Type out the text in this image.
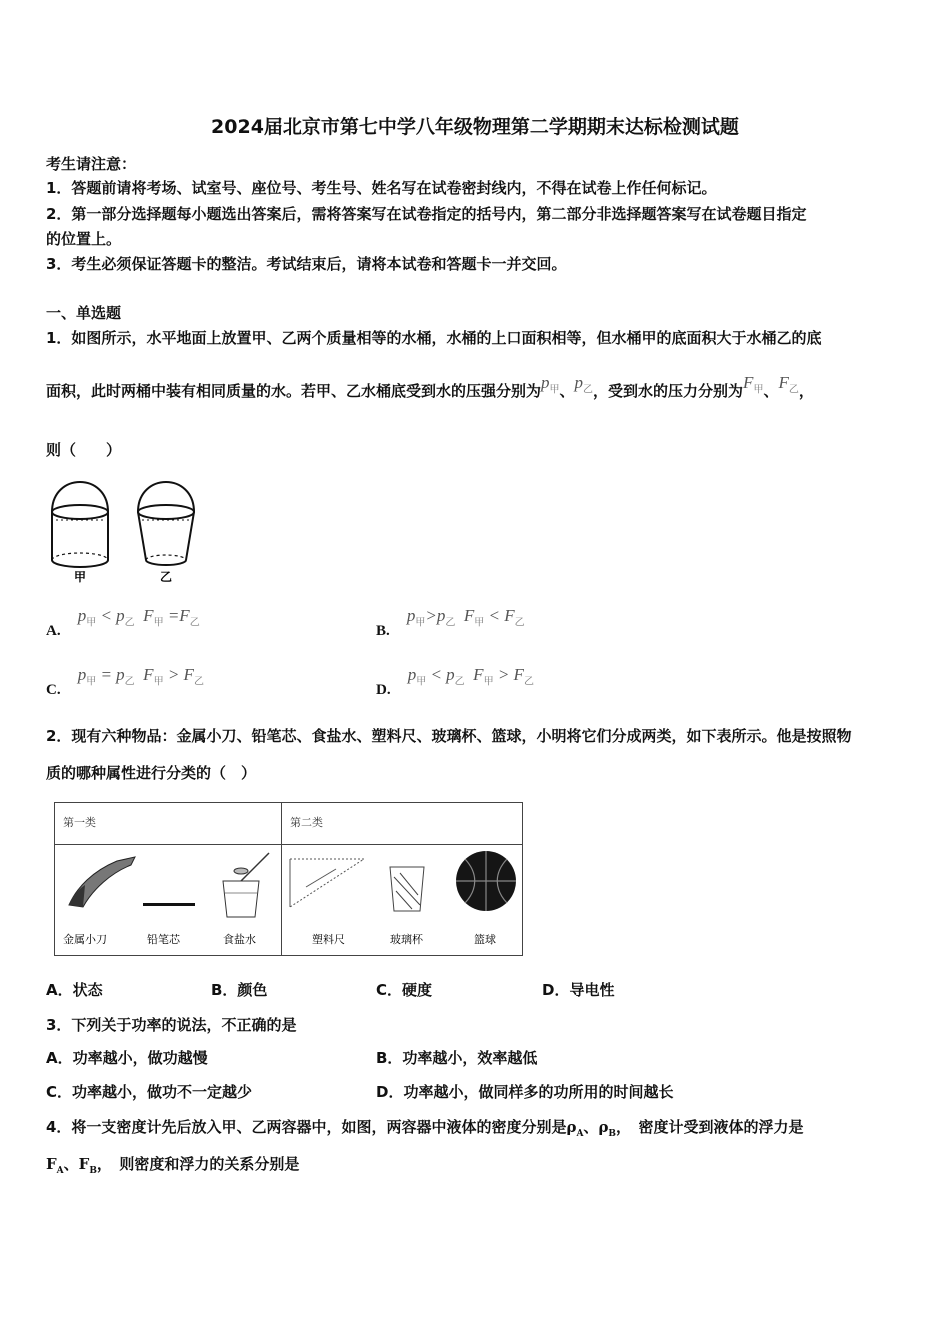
2024届北京市第七中学八年级物理第二学期期末达标检测试题
考生请注意：
1．答题前请将考场、试室号、座位号、考生号、姓名写在试卷密封线内，不得在试卷上作任何标记。
2．第一部分选择题每小题选出答案后，需将答案写在试卷指定的括号内，第二部分非选择题答案写在试卷题目指定
的位置上。
3．考生必须保证答题卡的整洁。考试结束后，请将本试卷和答题卡一并交回。
一、单选题
1．如图所示，水平地面上放置甲、乙两个质量相等的水桶，水桶的上口面积相等，但水桶甲的底面积大于水桶乙的底
面积，此时两桶中装有相同质量的水。若甲、乙水桶底受到水的压强分别为$p_甲$、$p_乙$，受到水的压力分别为$F_甲$、$F_乙$，
则（　　）
甲	乙
A. $p_甲 < p_乙$ $F_甲 =F_乙$
B. $p_甲>p_乙$ $F_甲 < F_乙$
C. $p_甲 = p_乙$ $F_甲 > F_乙$
D. $p_甲 < p_乙$ $F_甲 > F_乙$
2．现有六种物品：金属小刀、铅笔芯、食盐水、塑料尺、玻璃杯、篮球，小明将它们分成两类，如下表所示。他是按照物
质的哪种属性进行分类的（　）
第一类	第二类

金属小刀 铅笔芯 食盐水	塑料尺 玻璃杯 篮球
A．状态	B．颜色	C．硬度	D．导电性
3．下列关于功率的说法，不正确的是
A．功率越小，做功越慢	B．功率越小，效率越低
C．功率越小，做功不一定越少	D．功率越小，做同样多的功所用的时间越长
4．将一支密度计先后放入甲、乙两容器中，如图，两容器中液体的密度分别是$\rho_A$、$\rho_B$，　密度计受到液体的浮力是
$F_A$、$F_B$，　则密度和浮力的关系分别是
